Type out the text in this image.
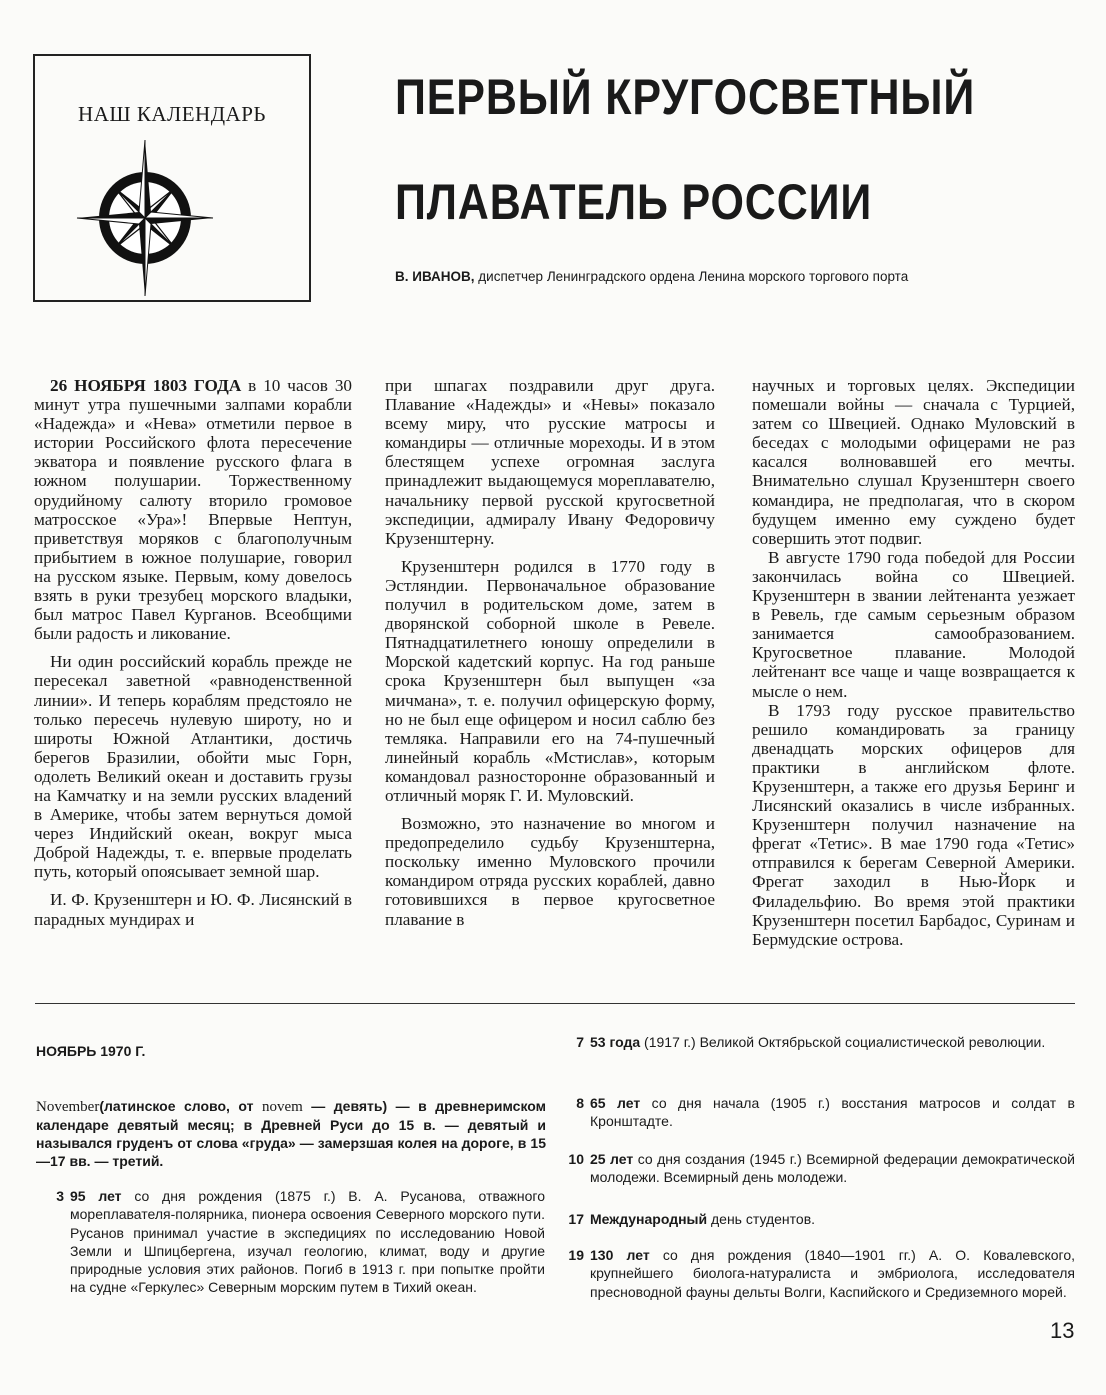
НАШ КАЛЕНДАРЬ	ПЕРВЫЙ КРУГОСВЕТНЫЙ
ПЛАВАТЕЛЬ РОССИИ
В. ИВАНОВ, диспетчер Ленинградского ордена Ленина морского торгового порта

26 НОЯБРЯ 1803 ГОДА в 10 часов 30 минут утра пушечными залпами корабли «Надежда» и «Нева» отметили первое в истории Российского флота пересечение экватора и появление русского флага в южном полушарии. Торжественному орудийному салюту вторило громовое матросское «Ура»! Впервые Нептун, приветствуя моряков с благополучным прибытием в южное полушарие, говорил на русском языке. Первым, кому довелось взять в руки трезубец морского владыки, был матрос Павел Курганов. Всеобщими были радость и ликование.

Ни один российский корабль прежде не пересекал заветной «равноденственной линии». И теперь кораблям предстояло не только пересечь нулевую широту, но и широты Южной Атлантики, достичь берегов Бразилии, обойти мыс Горн, одолеть Великий океан и доставить грузы на Камчатку и на земли русских владений в Америке, чтобы затем вернуться домой через Индийский океан, вокруг мыса Доброй Надежды, т. е. впервые проделать путь, который опоясывает земной шар.

И. Ф. Крузенштерн и Ю. Ф. Лисянский в парадных мундирах и

при шпагах поздравили друг друга. Плавание «Надежды» и «Невы» показало всему миру, что русские матросы и командиры — отличные мореходы. И в этом блестящем успехе огромная заслуга принадлежит выдающемуся мореплавателю, начальнику первой русской кругосветной экспедиции, адмиралу Ивану Федоровичу Крузенштерну.

Крузенштерн родился в 1770 году в Эстляндии. Первоначальное образование получил в родительском доме, затем в дворянской соборной школе в Ревеле. Пятнадцатилетнего юношу определили в Морской кадетский корпус. На год раньше срока Крузенштерн был выпущен «за мичмана», т. е. получил офицерскую форму, но не был еще офицером и носил саблю без темляка. Направили его на 74-пушечный линейный корабль «Мстислав», которым командовал разносторонне образованный и отличный моряк Г. И. Муловский.

Возможно, это назначение во многом и предопределило судьбу Крузенштерна, поскольку именно Муловского прочили командиром отряда русских кораблей, давно готовившихся в первое кругосветное плавание в

научных и торговых целях. Экспедиции помешали войны — сначала с Турцией, затем со Швецией. Однако Муловский в беседах с молодыми офицерами не раз касался волновавшей его мечты. Внимательно слушал Крузенштерн своего командира, не предполагая, что в скором будущем именно ему суждено будет совершить этот подвиг.

В августе 1790 года победой для России закончилась война со Швецией. Крузенштерн в звании лейтенанта уезжает в Ревель, где самым серьезным образом занимается самообразованием. Кругосветное плавание. Молодой лейтенант все чаще и чаще возвращается к мысле о нем.

В 1793 году русское правительство решило командировать за границу двенадцать морских офицеров для практики в английском флоте. Крузенштерн, а также его друзья Беринг и Лисянский оказались в числе избранных. Крузенштерн получил назначение на фрегат «Тетис». В мае 1790 года «Тетис» отправился к берегам Северной Америки. Фрегат заходил в Нью-Йорк и Филадельфию. Во время этой практики Крузенштерн посетил Барбадос, Суринам и Бермудские острова.

НОЯБРЬ 1970 Г.
November(латинское слово, от novem — девять) — в древнеримском календаре девятый месяц; в Древней Руси до 15 в. — девятый и назывался груденъ от слова «груда» — замерзшая колея на дороге, в 15—17 вв. — третий.
3 95 лет со дня рождения (1875 г.) В. А. Русанова, отважного мореплавателя-полярника, пионера освоения Северного морского пути. Русанов принимал участие в экспедициях по исследованию Новой Земли и Шпицбергена, изучал геологию, климат, воду и другие природные условия этих районов. Погиб в 1913 г. при попытке пройти на судне «Геркулес» Северным морским путем в Тихий океан.
7 53 года (1917 г.) Великой Октябрьской социалистической революции.
8 65 лет со дня начала (1905 г.) восстания матросов и солдат в Кронштадте.
10 25 лет со дня создания (1945 г.) Всемирной федерации демократической молодежи. Всемирный день молодежи.
17 Международный день студентов.
19 130 лет со дня рождения (1840—1901 гг.) А. О. Ковалевского, крупнейшего биолога-натуралиста и эмбриолога, исследователя пресноводной фауны дельты Волги, Каспийского и Средиземного морей.
13
